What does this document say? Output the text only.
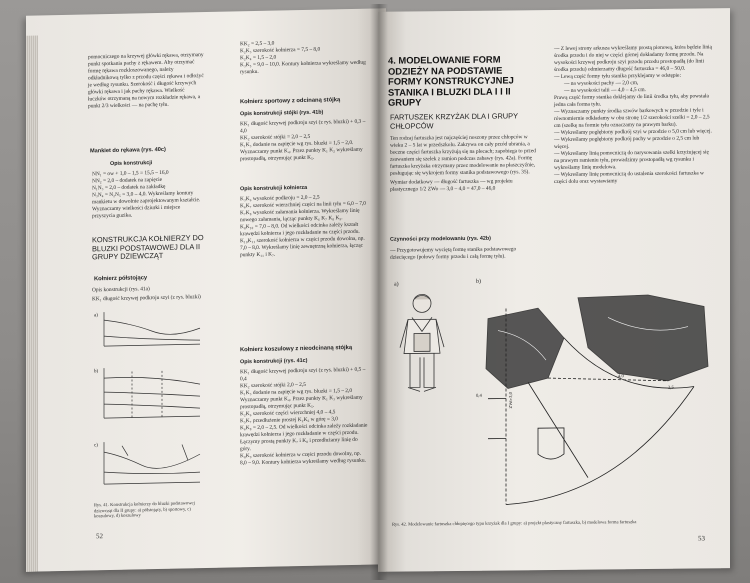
pomocniczego na krzywej główki rękawa, otrzymany punkt spotkania pachy z rękawem. Aby otrzymać formę rękawa rozkloszowanego, należy odkładnikową tylko z przodu części rękawa i odłożyć je według rysunku. Szerokość i długość krzywych główki rękawa i jak pachy rękawa. Wielkość łuczków otrzymaną na nowym rozkładzie rękawa, a punkt 2/3 wielkości — na pachę tyłu.

Mankiet do rękawa (rys. 40c)
Opis konstrukcji

NN₁ = ow + 1,0 – 1,5 = 15,5 – 16,0

NN₂ = 2,0 – dodatek na zapięcie

N₁N₃ = 2,0 – dodatek na zakładkę

N₃N₄ = N₂N₅ = 3,0 – 4,0. Wykreślamy kontury mankietu w dowolnie zaprojektowanym kształcie. Wyznaczamy wielkości dziurki i miejsce przyszycia guzika.

KONSTRUKCJA KOŁNIERZY DO BLUZKI PODSTAWOWEJ DLA II GRUPY DZIEWCZĄT
Kołnierz półstojący
Opis konstrukcji (rys. 41a)
KK₁ długość krzywej podkroju szyi (z rys. bluzki)
a)
b)
c)
Rys. 41. Konstrukcja kołnierzy do bluzki podstawowej dziewcząt dla II grupy: a) półstojący, b) sportowy, c) koszulowy, d) koszulowy
52

KK₂ = 2,5 – 3,0

K₂K₃ szerokość kołnierza = 7,5 – 8,0

K₂K₄ = 1,5 – 2,0

K₃K₅ = 9,0 – 10,0. Kontury kołnierza wykreślamy według rysunku.

Kołnierz sportowy z odcinaną stójką
Opis konstrukcji stójki (rys. 41b)

KK₁ długość krzywej podkroju szyi (z rys. bluzki) + 0,3 – 4,0

KK₂ szerokość stójki = 2,0 – 2,5

K₁K₃ dodanie na zapięcie wg rys. bluzki = 1,5 – 2,0. Wyznaczamy punkt K₄. Przez punkty K₁ K₂ wykreślamy prostopadłą, otrzymując punkt K₅.

Opis konstrukcji kołnierza

K₃K₆ wysokość podkroju = 2,0 – 2,5

K₆K₇ szerokość wierzchniej części na linii tyłu = 6,0 – 7,0

K₇K₈ wysokość załamania kołnierza. Wykreślamy linię nowego załamania, łącząc punkty K₆ K₇ K₈ K₉.

K₈K₁₀ = 7,0 – 8,0. Od wielkości odcinka zależy kształt krawędzi kołnierza i jego rozkładanie na części przodu.

K₁₀K₁₁ szerokość kołnierza w części przodu dowolna, np. 7,0 – 8,0. Wykreślamy linię zewnętrzną kołnierza, łącząc punkty K₁₁ i K₇.

Kołnierz koszulowy z nieodcinaną stójką
Opis konstrukcji (rys. 41c)

KK₁ długość krzywej podkroju szyi (z rys. bluzki) + 0,5 – 0,4

KK₂ szerokość stójki 2,0 – 2,5

K₁K₃ dodanie na zapięcie wg rys. bluzki = 1,5 – 2,0

Wyznaczamy punkt K₄. Przez punkty K₁ K₃ wykreślamy prostopadłą, otrzymując punkt K₅.

K₂K₆ szerokość części wierzchniej 4,0 – 4,5

K₅K₇ przedłużenie prostej K₂K₆ w górę = 3,0

K₆K₈ = 2,0 – 2,5. Od wielkości odcinka zależy rozkładanie krawędzi kołnierza i jego rozkładanie w części przodu. Łączymy prostą punkty K₇ i K₈ i przedłużamy linię do góry.

K₈K₉ szerokość kołnierza w części przodu dowolny, np. 8,0 – 9,0. Kontury kołnierza wykreślamy według rysunku.

4. MODELOWANIE FORM ODZIEŻY NA PODSTAWIE FORMY KONSTRUKCYJNEJ STANIKA I BLUZKI DLA I I II GRUPY
FARTUSZEK KRZYŻAK DLA I GRUPY CHŁOPCÓW

Ten rodzaj fartuszka jest najczęściej noszony przez chłopców w wieku 2 – 5 lat w przedszkolu. Zakrywa on cały przód ubrania, a boczne części fartuszka krzyżują się na plecach; zapobiega to przed zsuwaniem się szelek z ramion podczas zabawy (rys. 42a). Formę fartuszka krzyżaka otrzymany przez modelowanie na płaszczyźnie, posługując się wykrojem formy stanika podstawowego (rys. 35).

Wymiar dodatkowy — długość fartuszka — wg projektu plastycznego 1/2 ZWo — 3,0 – 4,0 = 47,0 – 46,0

Czynności przy modelowaniu (rys. 42b)
— Przygotowujemy wyciętą formę stanika podstawowego dziecięcego (połowy formy przodu i całą formę tyłu).

— Z lewej strony arkusza wykreślamy prostą pionową, która będzie linią środka przodu i do niej w części górnej dokładamy formę przodu. Na wysokości krzywej podkroju szyi przodu przodu prostopadłą (do linii środka przodu) odmierzamy długość fartuszka = 46,0 – 50,0.

— Lewą część formy tyłu stanika przyklejamy w odstępie:

— na wysokości pachy — 2,0 cm,

— na wysokości talii — 4,0 – 4,5 cm.

Prawą część formy stanika doklejamy do linii środka tyłu, aby powstała jedna cała forma tyłu.

— Wyznaczamy punkty środka szwów barkowych w przodzie i tyle i równomiernie odkładamy w obu stronę 1/2 szerokości szelki = 2,0 – 2,5 cm (szelkę na formie tyłu oznaczamy na prawym barku).

— Wykreślamy pogłębiony podkrój szyi w przodzie o 5,0 cm lub więcej.

— Wykreślamy pogłębiony podkrój pachy w przodzie o 2,5 cm lub więcej.

— Wykreślamy linią pomocniczą do narysowania szelki krzyżującej się na prawym ramieniu tyłu, prowadzimy prostopadłą wg rysunku i wykreślamy linię modelowa.

— Wykreślamy linię pomocniczą do ustalenia szerokości fartuszka w części dolu oraz wystawiamy

a)	b)
0,4	ZWo-3,0
2,5
4,0
Rys. 42. Modelowanie fartuszka chłopięcego typu krzyżak dla I grupy: a) projekt plastyczny fartuszka, b) modelowa forma fartuszka
53
